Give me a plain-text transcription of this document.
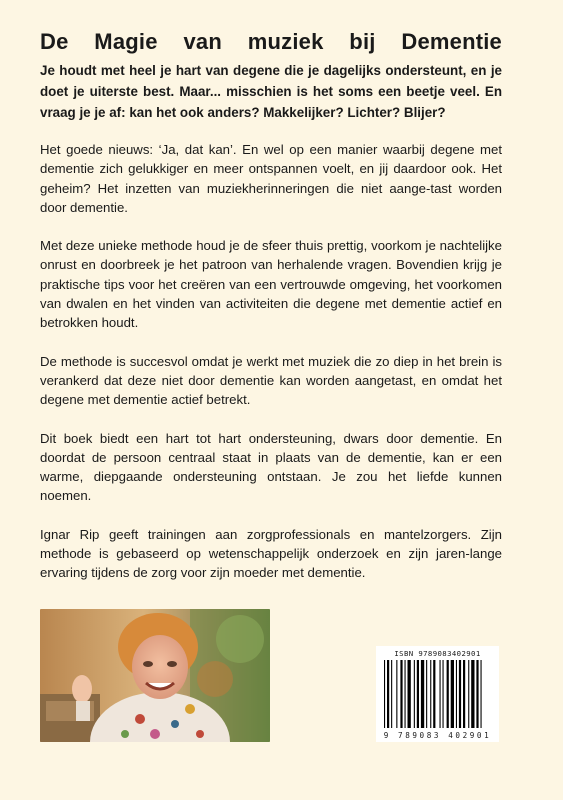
De Magie van muziek bij Dementie

Je houdt met heel je hart van degene die je dagelijks ondersteunt, en je doet je uiterste best. Maar... misschien is het soms een beetje veel. En vraag je je af: kan het ook anders? Makkelijker? Lichter? Blijer?

Het goede nieuws: ‘Ja, dat kan’. En wel op een manier waarbij degene met dementie zich gelukkiger en meer ontspannen voelt, en jij daardoor ook. Het geheim? Het inzetten van muziekherinneringen die niet aange-tast worden door dementie.

Met deze unieke methode houd je de sfeer thuis prettig, voorkom je nachtelijke onrust en doorbreek je het patroon van herhalende vragen. Bovendien krijg je praktische tips voor het creëren van een vertrouwde omgeving, het voorkomen van dwalen en het vinden van activiteiten die degene met dementie actief en betrokken houdt.

De methode is succesvol omdat je werkt met muziek die zo diep in het brein is verankerd dat deze niet door dementie kan worden aangetast, en omdat het degene met dementie actief betrekt.

Dit boek biedt een hart tot hart ondersteuning, dwars door dementie. En doordat de persoon centraal staat in plaats van de dementie, kan er een warme, diepgaande ondersteuning ontstaan. Je zou het liefde kunnen noemen.

Ignar Rip geeft trainingen aan zorgprofessionals en mantelzorgers. Zijn methode is gebaseerd op wetenschappelijk onderzoek en zijn jaren-lange ervaring tijdens de zorg voor zijn moeder met dementie.

ISBN 9789083402901
9 789083 402901
